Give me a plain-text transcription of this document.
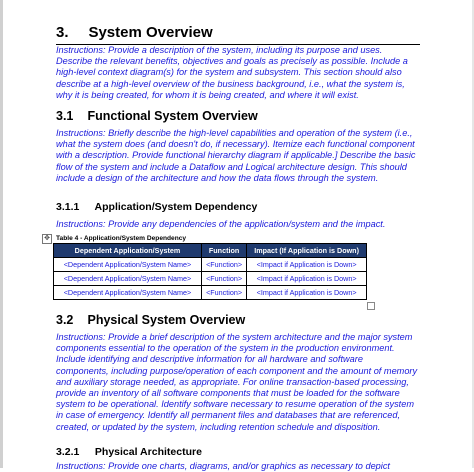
3. System Overview

Instructions: Provide a description of the system, including its purpose and uses. Describe the relevant benefits, objectives and goals as precisely as possible. Include a high-level context diagram(s) for the system and subsystem. This section should also describe at a high-level overview of the business background, i.e., what the system is, why it is being created, for whom it is being created, and where it will exist.

3.1 Functional System Overview

Instructions: Briefly describe the high-level capabilities and operation of the system (i.e., what the system does (and doesn't do, if necessary). Itemize each functional component with a description. Provide functional hierarchy diagram if applicable.] Describe the basic flow of the system and include a Dataflow and Logical architecture design. This should include a design of the architecture and how the data flows through the system.

3.1.1 Application/System Dependency

Instructions: Provide any dependencies of the application/system and the impact.

✥ Table 4 - Application/System Dependency
Dependent Application/System	Function	Impact (If Application is Down)
<Dependent Application/System Name>	<Function>	<Impact if Application is Down>
<Dependent Application/System Name>	<Function>	<Impact if Application is Down>
<Dependent Application/System Name>	<Function>	<Impact if Application is Down>
3.2 Physical System Overview

Instructions: Provide a brief description of the system architecture and the major system components essential to the operation of the system in the production environment. Include identifying and descriptive information for all hardware and software components, including purpose/operation of each component and the amount of memory and auxiliary storage needed, as appropriate. For online transaction-based processing, provide an inventory of all software components that must be loaded for the software system to be operational. Identify software necessary to resume operation of the system in case of emergency. Identify all permanent files and databases that are referenced, created, or updated by the system, including retention schedule and disposition.

3.2.1 Physical Architecture

Instructions: Provide one charts, diagrams, and/or graphics as necessary to depict
